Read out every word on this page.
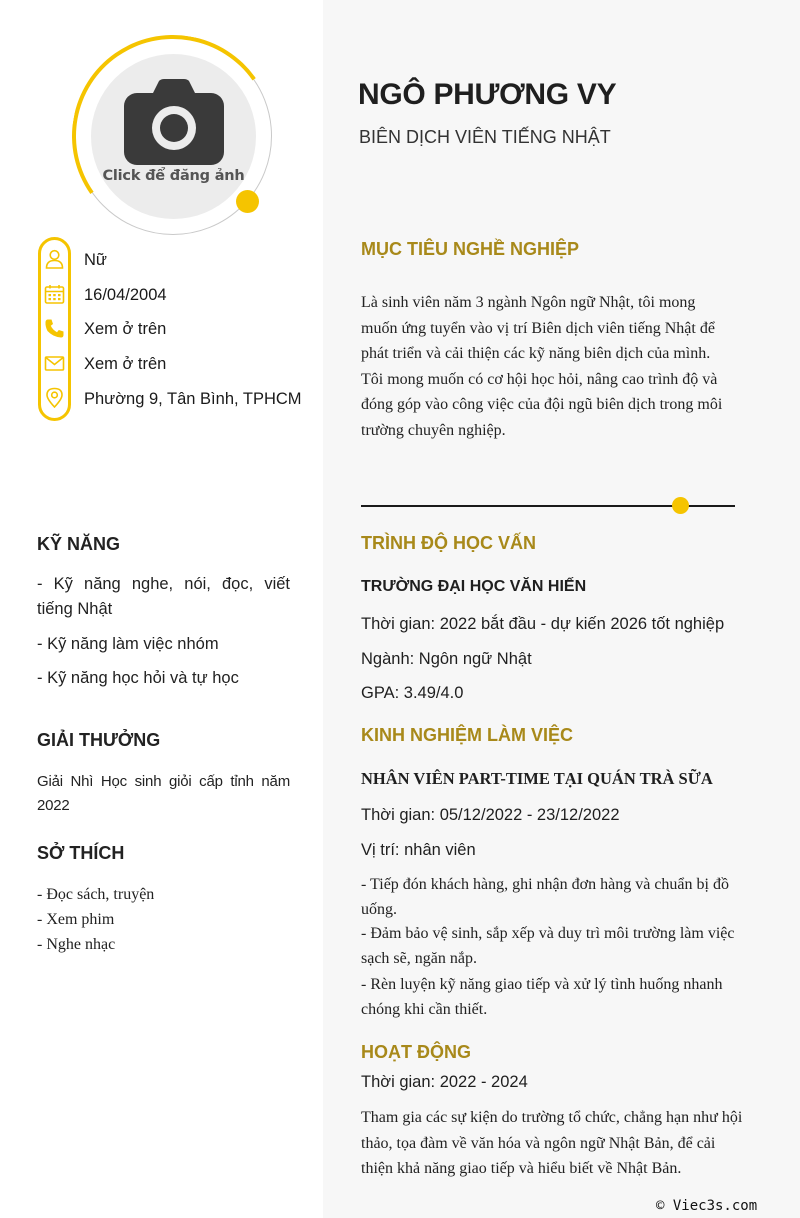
Click để đăng ảnh
Nữ
16/04/2004
Xem ở trên
Xem ở trên
Phường 9, Tân Bình, TPHCM
KỸ NĂNG
- Kỹ năng nghe, nói, đọc, viết tiếng Nhật
- Kỹ năng làm việc nhóm
- Kỹ năng học hỏi và tự học
GIẢI THƯỞNG
Giải Nhì Học sinh giỏi cấp tỉnh năm 2022
SỞ THÍCH
- Đọc sách, truyện
- Xem phim
- Nghe nhạc
NGÔ PHƯƠNG VY
BIÊN DỊCH VIÊN TIẾNG NHẬT
MỤC TIÊU NGHỀ NGHIỆP
Là sinh viên năm 3 ngành Ngôn ngữ Nhật, tôi mong muốn ứng tuyển vào vị trí Biên dịch viên tiếng Nhật để phát triển và cải thiện các kỹ năng biên dịch của mình. Tôi mong muốn có cơ hội học hỏi, nâng cao trình độ và đóng góp vào công việc của đội ngũ biên dịch trong môi trường chuyên nghiệp.
TRÌNH ĐỘ HỌC VẤN
TRƯỜNG ĐẠI HỌC VĂN HIẾN
Thời gian: 2022 bắt đầu - dự kiến 2026 tốt nghiệp
Ngành: Ngôn ngữ Nhật
GPA: 3.49/4.0
KINH NGHIỆM LÀM VIỆC
NHÂN VIÊN PART-TIME TẠI QUÁN TRÀ SỮA
Thời gian: 05/12/2022 - 23/12/2022
Vị trí: nhân viên
- Tiếp đón khách hàng, ghi nhận đơn hàng và chuẩn bị đồ uống.
- Đảm bảo vệ sinh, sắp xếp và duy trì môi trường làm việc sạch sẽ, ngăn nắp.
- Rèn luyện kỹ năng giao tiếp và xử lý tình huống nhanh chóng khi cần thiết.
HOẠT ĐỘNG
Thời gian: 2022 - 2024
Tham gia các sự kiện do trường tổ chức, chẳng hạn như hội thảo, tọa đàm về văn hóa và ngôn ngữ Nhật Bản, để cải thiện khả năng giao tiếp và hiểu biết về Nhật Bản.
© Viec3s.com
